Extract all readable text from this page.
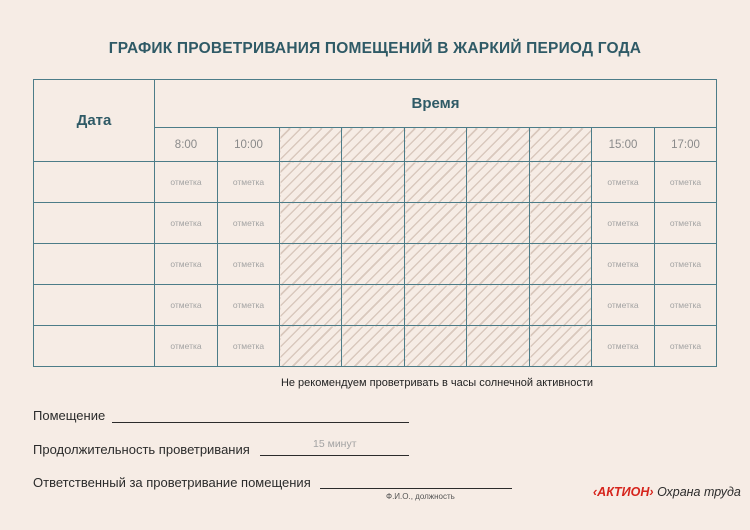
ГРАФИК ПРОВЕТРИВАНИЯ ПОМЕЩЕНИЙ В ЖАРКИЙ ПЕРИОД ГОДА
Дата	Время								
	8:00	10:00						15:00	17:00
	отметка	отметка						отметка	отметка
	отметка	отметка						отметка	отметка
	отметка	отметка						отметка	отметка
	отметка	отметка						отметка	отметка
	отметка	отметка						отметка	отметка
Не рекомендуем проветривать в часы солнечной активности
Помещение
Продолжительность проветривания	15 минут
Ответственный за проветривание помещения
Ф.И.О., должность	‹АКТИОН› Охрана труда
